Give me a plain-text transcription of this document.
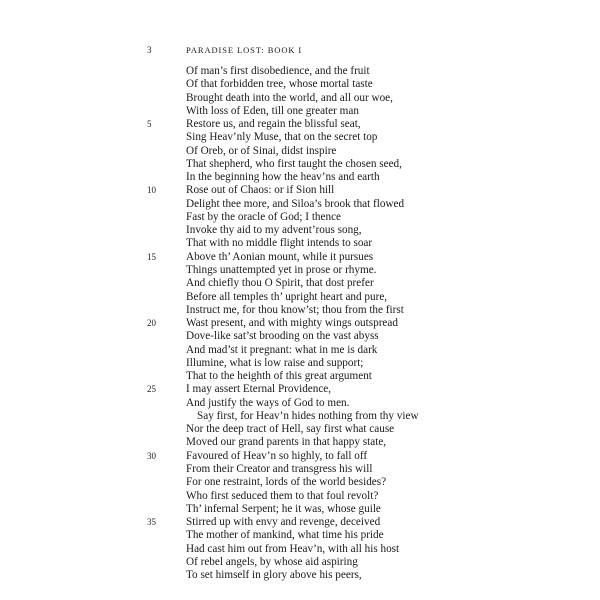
3	PARADISE LOST: BOOK I
Of man’s first disobedience, and the fruit
Of that forbidden tree, whose mortal taste
Brought death into the world, and all our woe,
With loss of Eden, till one greater man
5	Restore us, and regain the blissful seat,
Sing Heav’nly Muse, that on the secret top
Of Oreb, or of Sinai, didst inspire
That shepherd, who first taught the chosen seed,
In the beginning how the heav’ns and earth
10	Rose out of Chaos: or if Sion hill
Delight thee more, and Siloa’s brook that flowed
Fast by the oracle of God; I thence
Invoke thy aid to my advent’rous song,
That with no middle flight intends to soar
15	Above th’ Aonian mount, while it pursues
Things unattempted yet in prose or rhyme.
And chiefly thou O Spirit, that dost prefer
Before all temples th’ upright heart and pure,
Instruct me, for thou know’st; thou from the first
20	Wast present, and with mighty wings outspread
Dove-like sat’st brooding on the vast abyss
And mad’st it pregnant: what in me is dark
Illumine, what is low raise and support;
That to the heighth of this great argument
25	I may assert Eternal Providence,
And justify the ways of God to men.
Say first, for Heav’n hides nothing from thy view
Nor the deep tract of Hell, say first what cause
Moved our grand parents in that happy state,
30	Favoured of Heav’n so highly, to fall off
From their Creator and transgress his will
For one restraint, lords of the world besides?
Who first seduced them to that foul revolt?
Th’ infernal Serpent; he it was, whose guile
35	Stirred up with envy and revenge, deceived
The mother of mankind, what time his pride
Had cast him out from Heav’n, with all his host
Of rebel angels, by whose aid aspiring
To set himself in glory above his peers,
